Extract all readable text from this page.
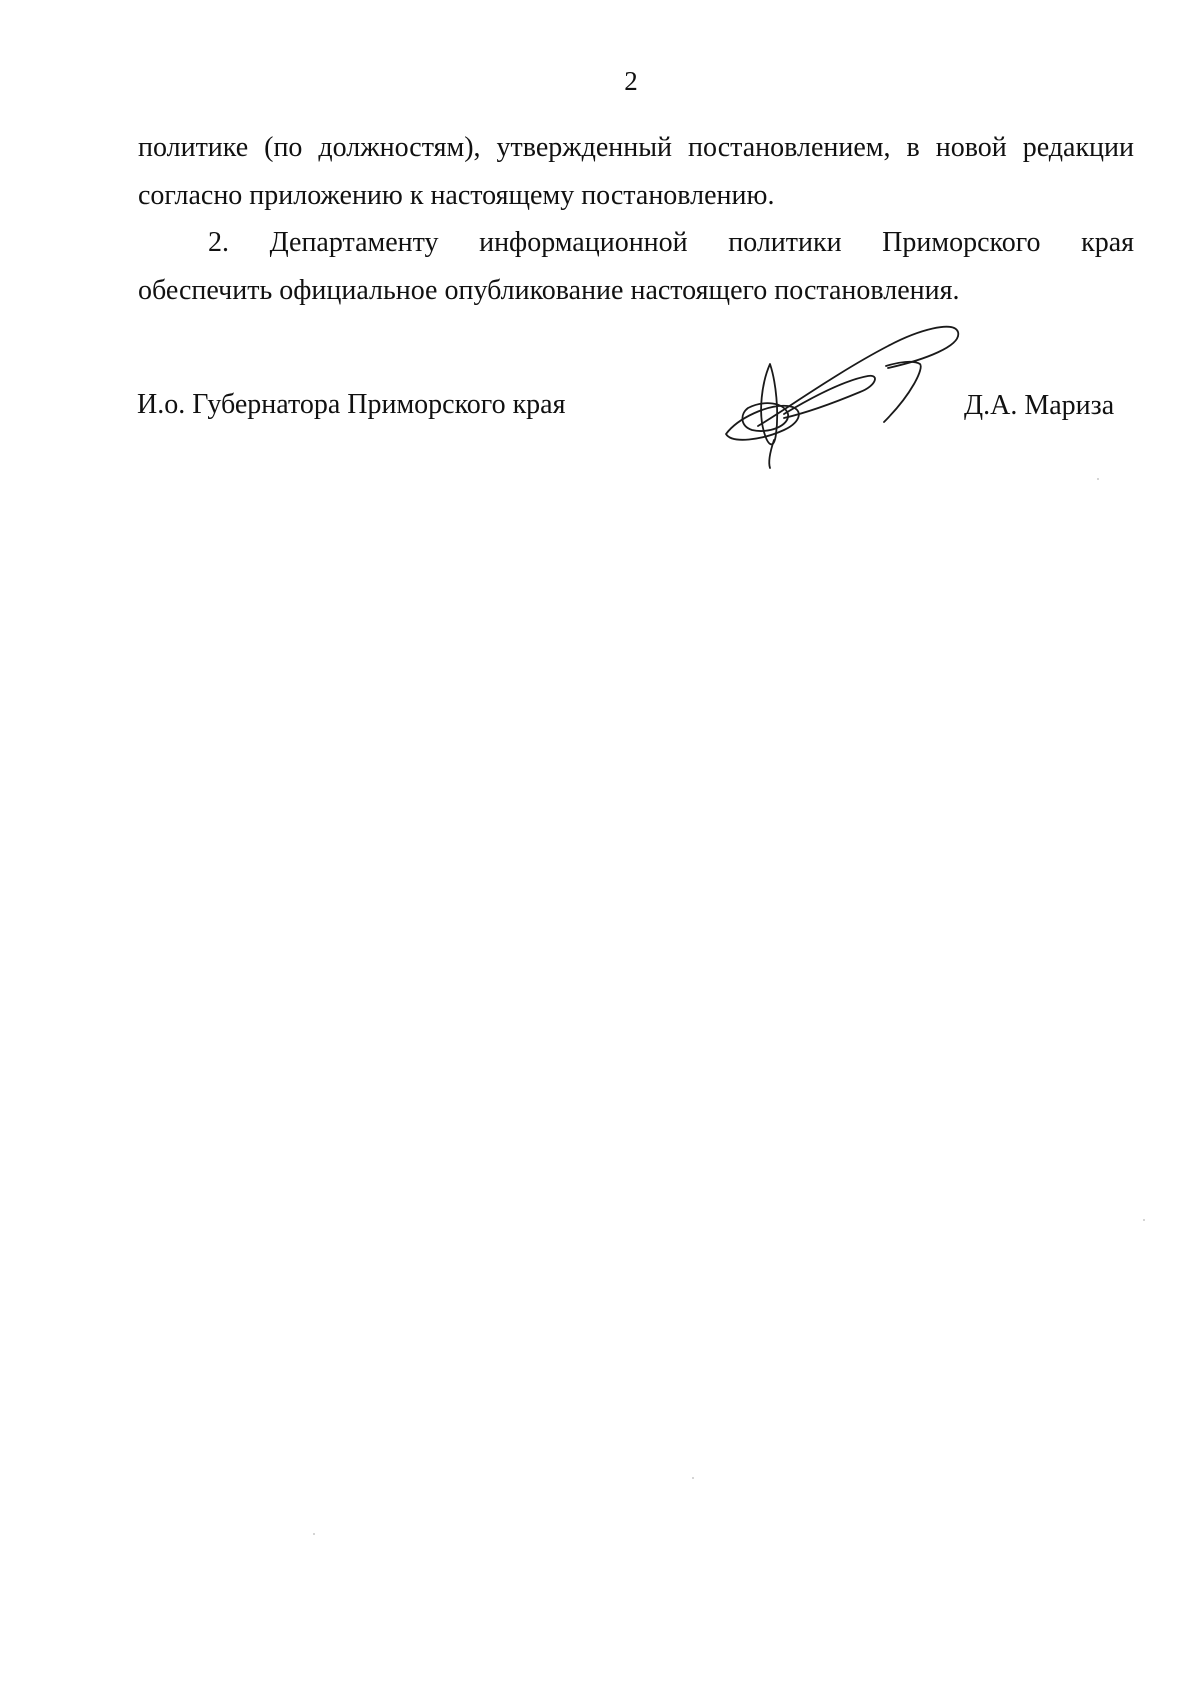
2
политике (по должностям), утвержденный постановлением, в новой редакции
согласно приложению к настоящему постановлению.
2. Департаменту информационной политики Приморского края
обеспечить официальное опубликование настоящего постановления.
И.о. Губернатора Приморского края	Д.А. Мариза
